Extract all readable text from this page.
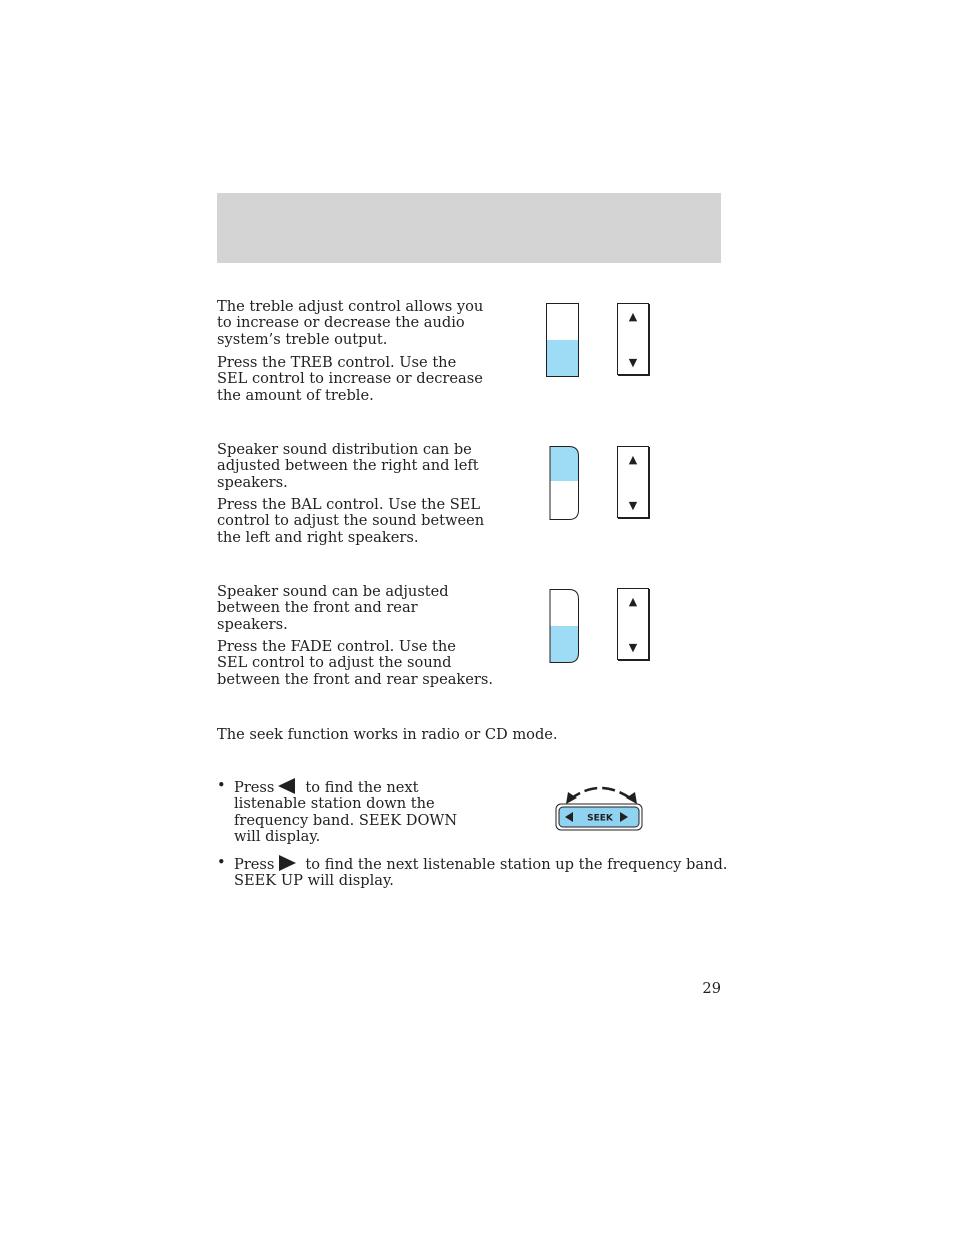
The treble adjust control allows you
to increase or decrease the audio
system’s treble output.

Press the TREB control. Use the
SEL control to increase or decrease
the amount of treble.

▲
▼

Speaker sound distribution can be
adjusted between the right and left
speakers.

Press the BAL control. Use the SEL
control to adjust the sound between
the left and right speakers.

▲
▼

Speaker sound can be adjusted
between the front and rear
speakers.

Press the FADE control. Use the
SEL control to adjust the sound
between the front and rear speakers.

▲
▼

The seek function works in radio or CD mode.

• Press to find the next
listenable station down the
frequency band. SEEK DOWN
will display.
• Press to find the next listenable station up the frequency band.
SEEK UP will display.
SEEK
29
